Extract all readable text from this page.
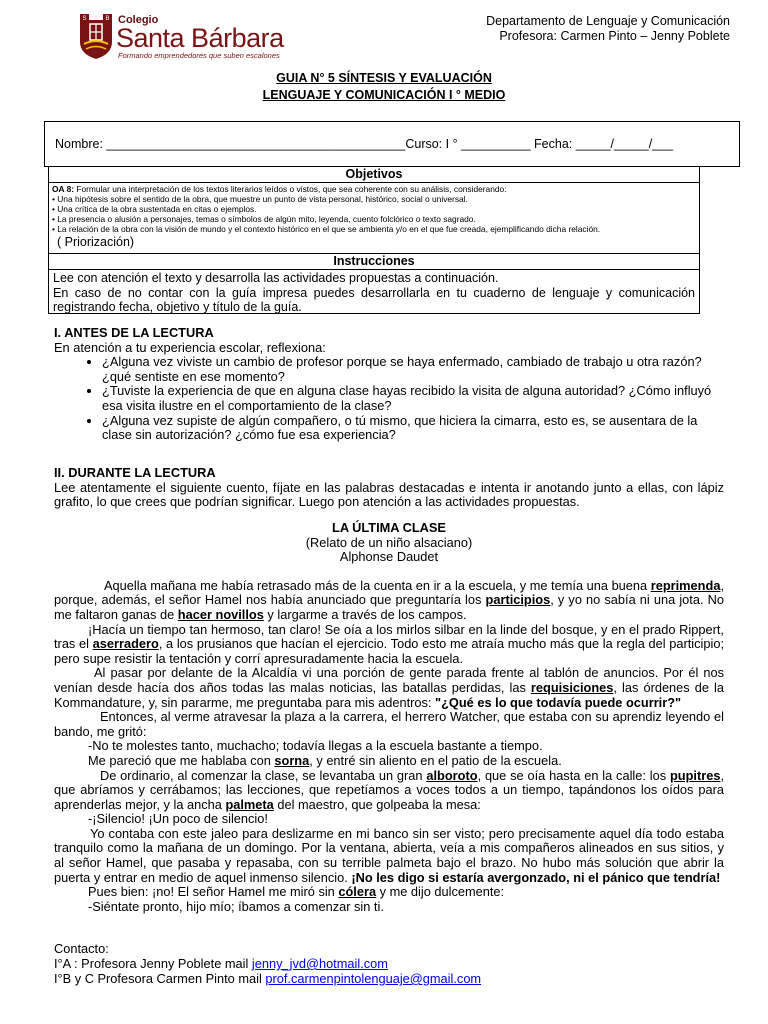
S	B Colegio
Santa Bárbara
Formando emprendedores que suben escalones
Departamento de Lenguaje y Comunicación
Profesora: Carmen Pinto – Jenny Poblete
GUIA N° 5 SÍNTESIS Y EVALUACIÓN
LENGUAJE Y COMUNICACIÓN I ° MEDIO
Nombre: ___________________________________________Curso: I ° __________ Fecha: _____/_____/___
Objetivos
OA 8: Formular una interpretación de los textos literarios leídos o vistos, que sea coherente con su análisis, considerando:
• Una hipótesis sobre el sentido de la obra, que muestre un punto de vista personal, histórico, social o universal.
• Una crítica de la obra sustentada en citas o ejemplos.
• La presencia o alusión a personajes, temas o símbolos de algún mito, leyenda, cuento folclórico o texto sagrado.
• La relación de la obra con la visión de mundo y el contexto histórico en el que se ambienta y/o en el que fue creada, ejemplificando dicha relación.
( Priorización)
Instrucciones
Lee con atención el texto y desarrolla las actividades propuestas a continuación.
En caso de no contar con la guía impresa puedes desarrollarla en tu cuaderno de lenguaje y comunicación registrando fecha, objetivo y título de la guía.
I. ANTES DE LA LECTURA
En atención a tu experiencia escolar, reflexiona:
• ¿Alguna vez viviste un cambio de profesor porque se haya enfermado, cambiado de trabajo u otra razón? ¿qué sentiste en ese momento?
• ¿Tuviste la experiencia de que en alguna clase hayas recibido la visita de alguna autoridad? ¿Cómo influyó esa visita ilustre en el comportamiento de la clase?
• ¿Alguna vez supiste de algún compañero, o tú mismo, que hiciera la cimarra, esto es, se ausentara de la clase sin autorización? ¿cómo fue esa experiencia?
II. DURANTE LA LECTURA
Lee atentamente el siguiente cuento, fíjate en las palabras destacadas e intenta ir anotando junto a ellas, con lápiz grafito, lo que crees que podrían significar. Luego pon atención a las actividades propuestas.
LA ÚLTIMA CLASE
(Relato de un niño alsaciano)
Alphonse Daudet

Aquella mañana me había retrasado más de la cuenta en ir a la escuela, y me temía una buena reprimenda, porque, además, el señor Hamel nos había anunciado que preguntaría los participios, y yo no sabía ni una jota. No me faltaron ganas de hacer novillos y largarme a través de los campos.

¡Hacía un tiempo tan hermoso, tan claro! Se oía a los mirlos silbar en la linde del bosque, y en el prado Rippert, tras el aserradero, a los prusianos que hacían el ejercicio. Todo esto me atraía mucho más que la regla del participio; pero supe resistir la tentación y corrí apresuradamente hacia la escuela.

Al pasar por delante de la Alcaldía vi una porción de gente parada frente al tablón de anuncios. Por él nos venían desde hacía dos años todas las malas noticias, las batallas perdidas, las requisiciones, las órdenes de la Kommandature, y, sin pararme, me preguntaba para mis adentros: "¿Qué es lo que todavía puede ocurrir?"

Entonces, al verme atravesar la plaza a la carrera, el herrero Watcher, que estaba con su aprendiz leyendo el bando, me gritó:

-No te molestes tanto, muchacho; todavía llegas a la escuela bastante a tiempo.

Me pareció que me hablaba con sorna, y entré sin aliento en el patio de la escuela.

De ordinario, al comenzar la clase, se levantaba un gran alboroto, que se oía hasta en la calle: los pupitres, que abríamos y cerrábamos; las lecciones, que repetíamos a voces todos a un tiempo, tapándonos los oídos para aprenderlas mejor, y la ancha palmeta del maestro, que golpeaba la mesa:

-¡Silencio! ¡Un poco de silencio!

Yo contaba con este jaleo para deslizarme en mi banco sin ser visto; pero precisamente aquel día todo estaba tranquilo como la mañana de un domingo. Por la ventana, abierta, veía a mis compañeros alineados en sus sitios, y al señor Hamel, que pasaba y repasaba, con su terrible palmeta bajo el brazo. No hubo más solución que abrir la puerta y entrar en medio de aquel inmenso silencio. ¡No les digo si estaría avergonzado, ni el pánico que tendría!

Pues bien: ¡no! El señor Hamel me miró sin cólera y me dijo dulcemente:

-Siéntate pronto, hijo mío; íbamos a comenzar sin ti.

Contacto:
I°A : Profesora Jenny Poblete mail jenny_jvd@hotmail.com
I°B y C Profesora Carmen Pinto mail prof.carmenpintolenguaje@gmail.com
